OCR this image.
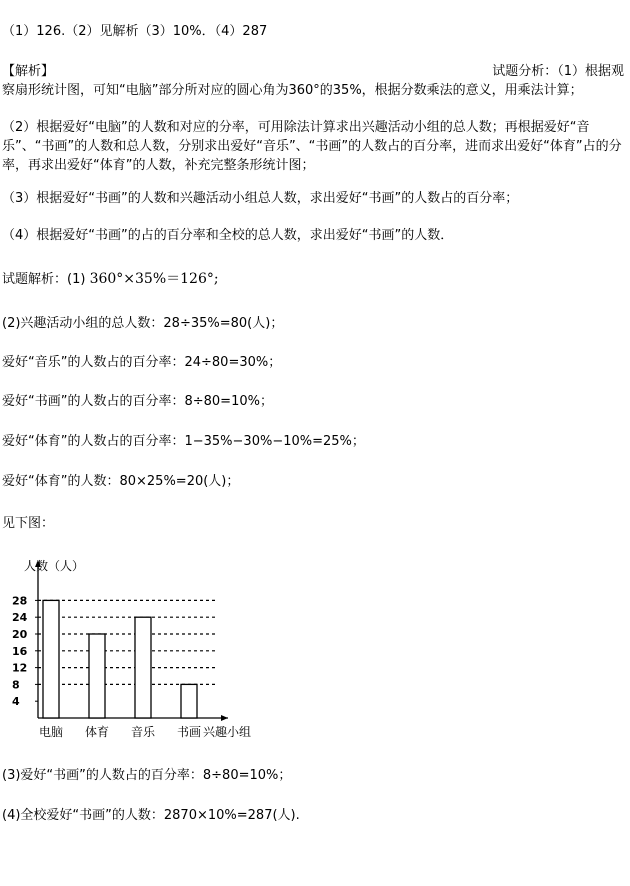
（1）126.（2）见解析（3）10%．（4）287
【解析】	试题分析：（1）根据观
察扇形统计图，可知“电脑”部分所对应的圆心角为360°的35%，根据分数乘法的意义，用乘法计算；
（2）根据爱好“电脑”的人数和对应的分率，可用除法计算求出兴趣活动小组的总人数；再根据爱好“音乐”、“书画”的人数和总人数，分别求出爱好“音乐”、“书画”的人数占的百分率，进而求出爱好“体育”占的分率，再求出爱好“体育”的人数，补充完整条形统计图；
（3）根据爱好“书画”的人数和兴趣活动小组总人数，求出爱好“书画”的人数占的百分率；
（4）根据爱好“书画”的占的百分率和全校的总人数，求出爱好“书画”的人数．
试题解析：(1) 360°×35%＝126°;
(2)兴趣活动小组的总人数：28÷35%=80(人)；
爱好“音乐”的人数占的百分率：24÷80=30%；
爱好“书画”的人数占的百分率：8÷80=10%；
爱好“体育”的人数占的百分率：1−35%−30%−10%=25%；
爱好“体育”的人数：80×25%=20(人)；
见下图：
4
8
12
16
20
24
28
人数（人）
兴趣小组
电脑 体育 音乐 书画
(3)爱好“书画”的人数占的百分率：8÷80=10%；
(4)全校爱好“书画”的人数：2870×10%=287(人).
